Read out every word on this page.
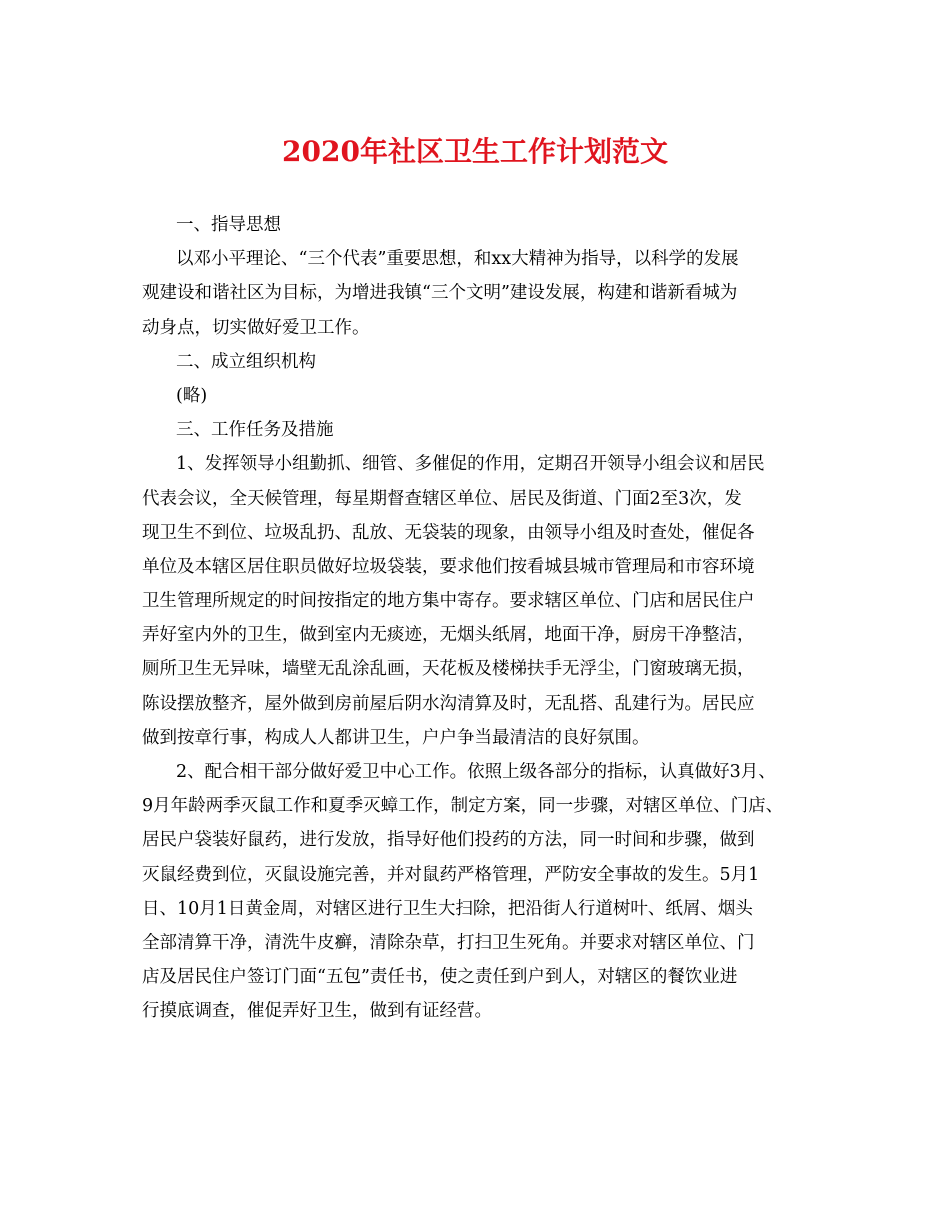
2020年社区卫生工作计划范文
一、指导思想
以邓小平理论、“三个代表”重要思想，和xx大精神为指导，以科学的发展
观建设和谐社区为目标，为增进我镇“三个文明”建设发展，构建和谐新看城为
动身点，切实做好爱卫工作。
二、成立组织机构
(略)
三、工作任务及措施
1、发挥领导小组勤抓、细管、多催促的作用，定期召开领导小组会议和居民
代表会议，全天候管理，每星期督查辖区单位、居民及街道、门面2至3次，发
现卫生不到位、垃圾乱扔、乱放、无袋装的现象，由领导小组及时查处，催促各
单位及本辖区居住职员做好垃圾袋装，要求他们按看城县城市管理局和市容环境
卫生管理所规定的时间按指定的地方集中寄存。要求辖区单位、门店和居民住户
弄好室内外的卫生，做到室内无痰迹，无烟头纸屑，地面干净，厨房干净整洁，
厕所卫生无异味，墙壁无乱涂乱画，天花板及楼梯扶手无浮尘，门窗玻璃无损，
陈设摆放整齐，屋外做到房前屋后阴水沟清算及时，无乱搭、乱建行为。居民应
做到按章行事，构成人人都讲卫生，户户争当最清洁的良好氛围。
2、配合相干部分做好爱卫中心工作。依照上级各部分的指标，认真做好3月、
9月年龄两季灭鼠工作和夏季灭蟑工作，制定方案，同一步骤，对辖区单位、门店、
居民户袋装好鼠药，进行发放，指导好他们投药的方法，同一时间和步骤，做到
灭鼠经费到位，灭鼠设施完善，并对鼠药严格管理，严防安全事故的发生。5月1
日、10月1日黄金周，对辖区进行卫生大扫除，把沿街人行道树叶、纸屑、烟头
全部清算干净，清洗牛皮癣，清除杂草，打扫卫生死角。并要求对辖区单位、门
店及居民住户签订门面“五包”责任书，使之责任到户到人，对辖区的餐饮业进
行摸底调查，催促弄好卫生，做到有证经营。
